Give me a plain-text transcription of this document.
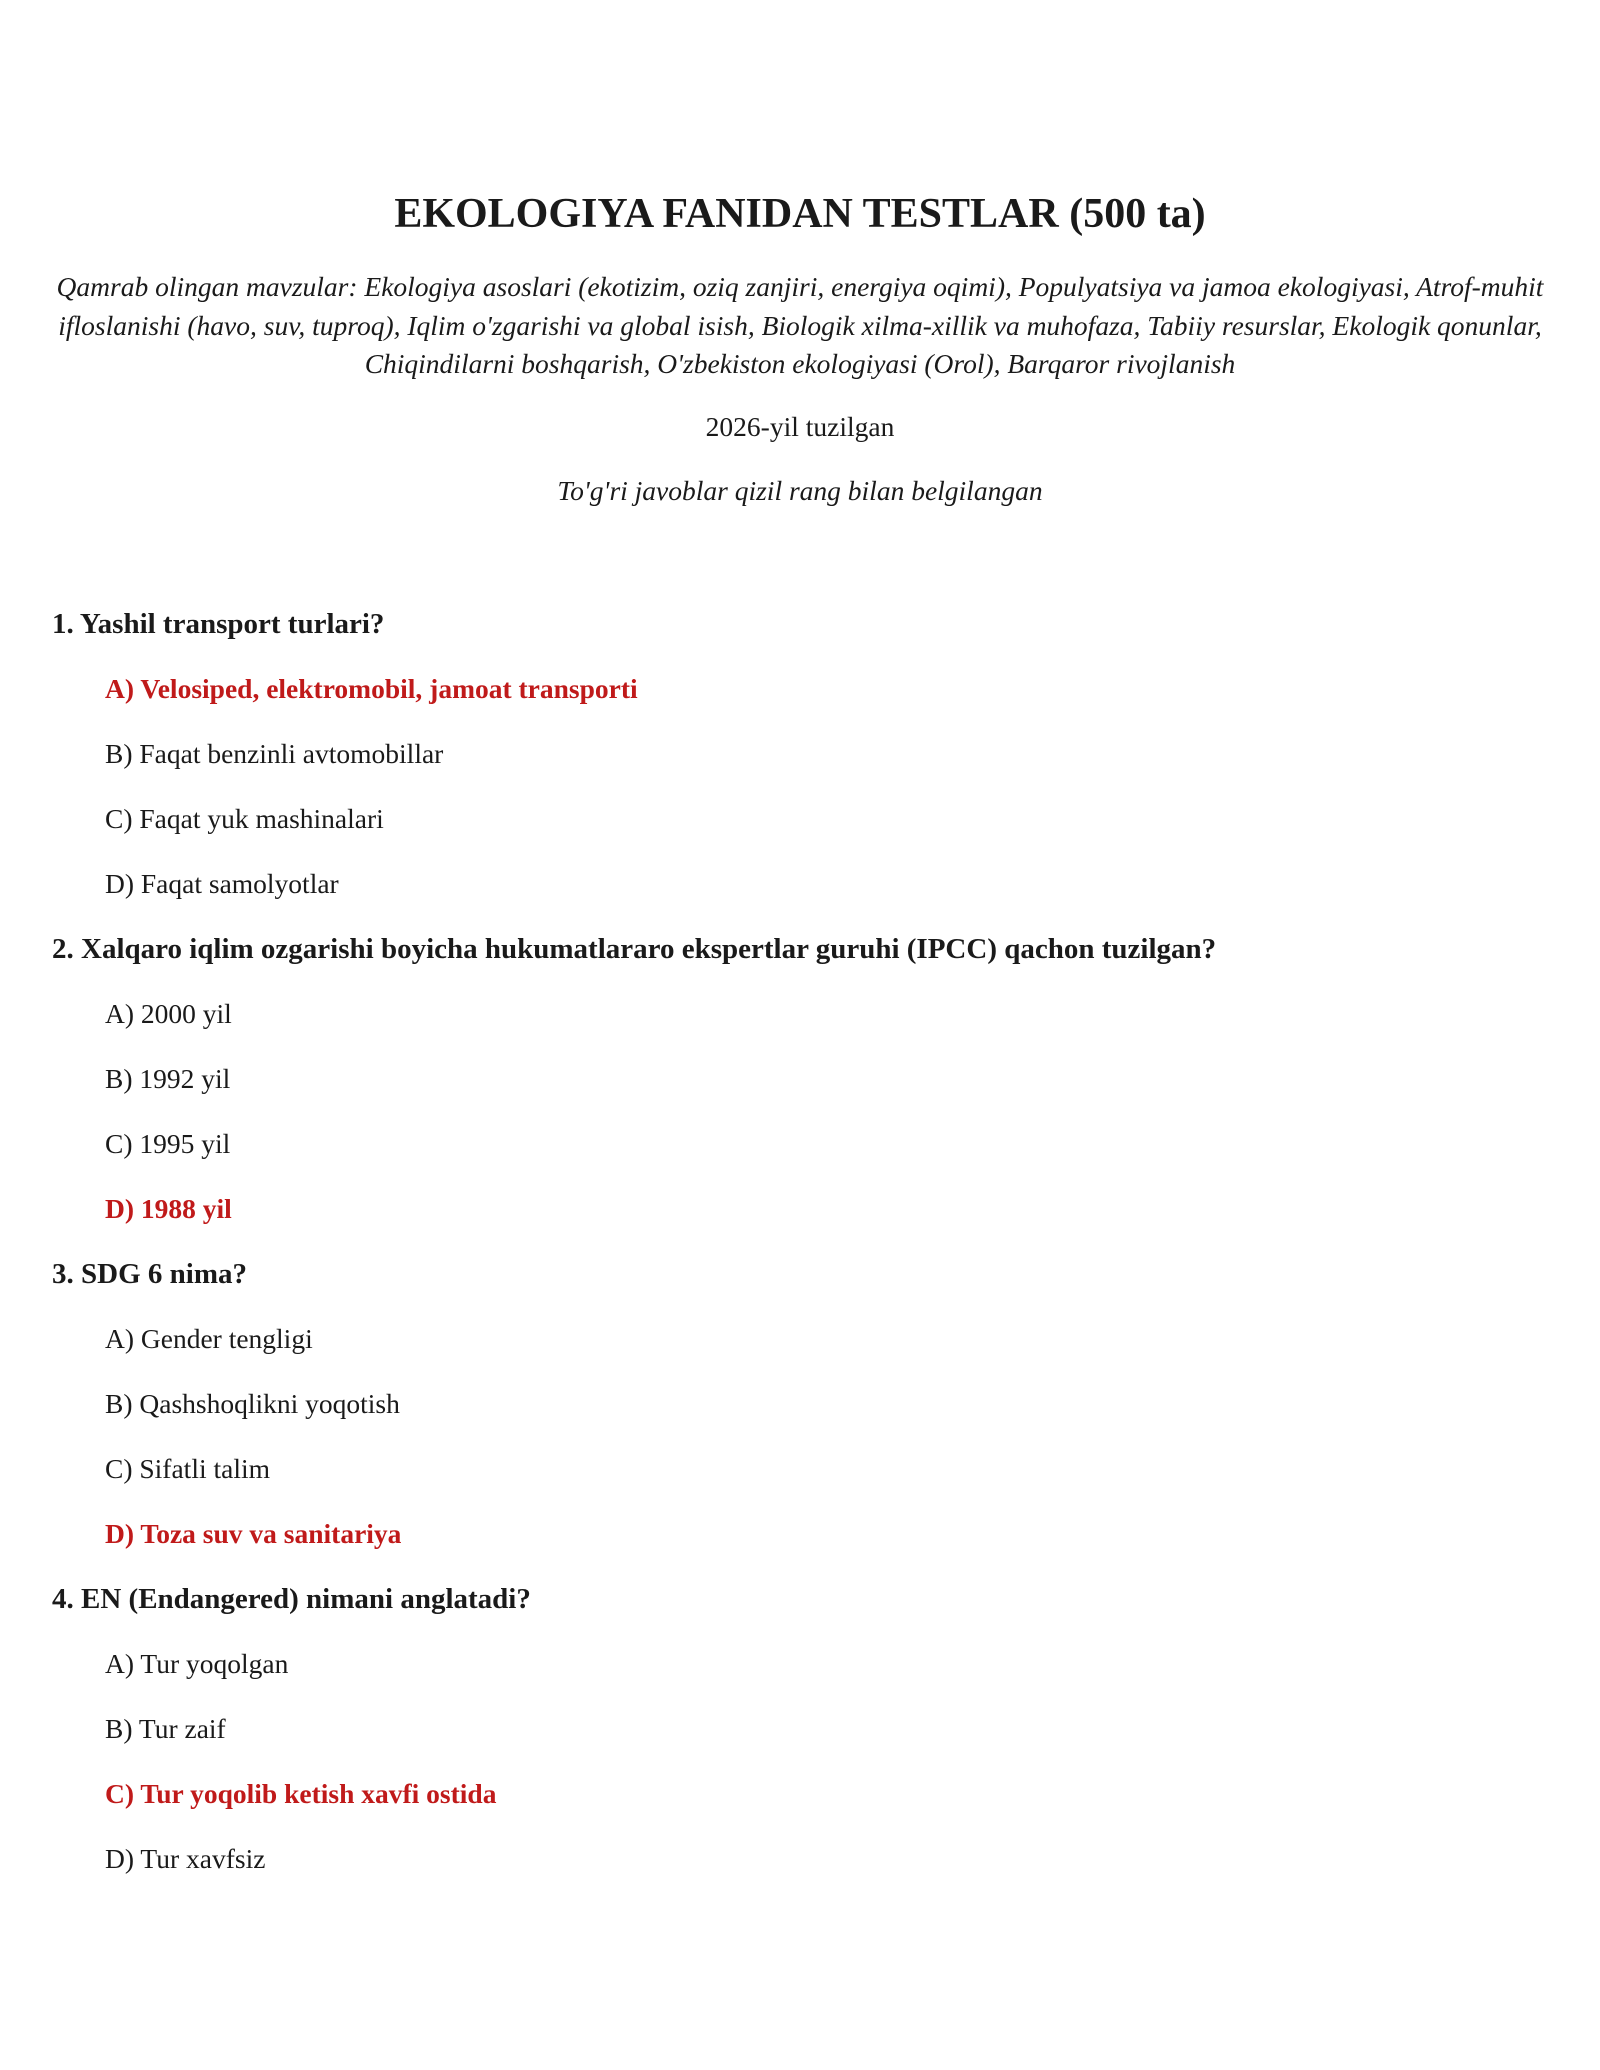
EKOLOGIYA FANIDAN TESTLAR (500 ta)

Qamrab olingan mavzular: Ekologiya asoslari (ekotizim, oziq zanjiri, energiya oqimi), Populyatsiya va jamoa ekologiyasi, Atrof-muhit ifloslanishi (havo, suv, tuproq), Iqlim o'zgarishi va global isish, Biologik xilma-xillik va muhofaza, Tabiiy resurslar, Ekologik qonunlar, Chiqindilarni boshqarish, O'zbekiston ekologiyasi (Orol), Barqaror rivojlanish

2026-yil tuzilgan

To'g'ri javoblar qizil rang bilan belgilangan

1. Yashil transport turlari?
A) Velosiped, elektromobil, jamoat transporti
B) Faqat benzinli avtomobillar
C) Faqat yuk mashinalari
D) Faqat samolyotlar
2. Xalqaro iqlim ozgarishi boyicha hukumatlararo ekspertlar guruhi (IPCC) qachon tuzilgan?
A) 2000 yil
B) 1992 yil
C) 1995 yil
D) 1988 yil
3. SDG 6 nima?
A) Gender tengligi
B) Qashshoqlikni yoqotish
C) Sifatli talim
D) Toza suv va sanitariya
4. EN (Endangered) nimani anglatadi?
A) Tur yoqolgan
B) Tur zaif
C) Tur yoqolib ketish xavfi ostida
D) Tur xavfsiz
